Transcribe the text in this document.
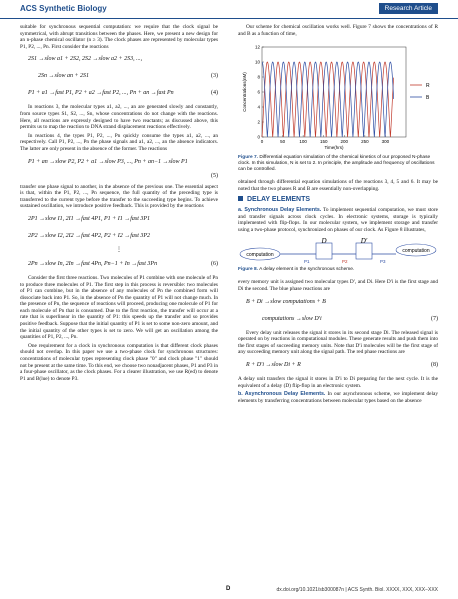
ACS Synthetic Biology	Research Article

suitable for synchronous sequential computation: we require that the clock signal be symmetrical, with abrupt transitions between the phases. Here, we present a new design for an n-phase chemical oscillator (n ≥ 3). The clock phases are represented by molecular types P1, P2, ..., Pn. First consider the reactions

2S1 →slow a1 + 2S2, 2S2 →slow a2 + 2S3, ...,
2Sn →slow an + 2S1	(3)
P1 + a1 →fast P1, P2 + a2 →fast P2, ..., Pn + an →fast Pn	(4)

In reactions 3, the molecular types a1, a2, ..., an are generated slowly and constantly, from source types S1, S2, ..., Sn, whose concentrations do not change with the reactions. Here, all reactions are expressly designed to have two reactants; as discussed above, this permits us to map the reaction to DNA strand displacement reactions effectively.

In reactions 4, the types P1, P2, ..., Pn quickly consume the types a1, a2, ..., an respectively. Call P1, P2, ..., Pn the phase signals and a1, a2, ..., an the absence indicators. The latter are only present in the absence of the former. The reactions

P1 + an →slow P2, P2 + a1 →slow P3, ..., Pn + an−1 →slow P1
(5)

transfer one phase signal to another, in the absence of the previous one. The essential aspect is that, within the P1, P2, ..., Pn sequence, the full quantity of the preceding type is transferred to the current type before the transfer to the succeeding type begins. To achieve sustained oscillation, we introduce positive feedback. This is provided by the reactions

2P1 →slow I1, 2I1 →fast 4P1, P1 + I1 →fast 3P1
2P2 →slow I2, 2I2 →fast 4P2, P2 + I2 →fast 3P2
⋮
2Pn →slow In, 2In →fast 4Pn, Pn−1 + In →fast 3Pn	(6)

Consider the first three reactions. Two molecules of P1 combine with one molecule of Pn to produce three molecules of P1. The first step in this process is reversible: two molecules of P1 can combine, but in the absence of any molecules of Pn the combined form will dissociate back into P1. So, in the absence of Pn the quantity of P1 will not change much. In the presence of Pn, the sequence of reactions will proceed, producing one molecule of P1 for each molecule of Pn that is consumed. Due to the first reaction, the transfer will occur at a rate that is superlinear in the quantity of P1: this speeds up the transfer and so provides positive feedback. Suppose that the initial quantity of P1 is set to some non-zero amount, and the initial quantity of the other types is set to zero. We will get an oscillation among the quantities of P1, P2, ..., Pn.

One requirement for a clock in synchronous computation is that different clock phases should not overlap. In this paper we use a two-phase clock for synchronous structures: concentrations of molecular types representing clock phase "0" and clock phase "1" should not be present at the same time. To this end, we choose two nonadjacent phases, P1 and P3 in a four-phase oscillator, as the clock phases. For a clearer illustration, we use R(ed) to denote P1 and B(lue) to denote P3.

Our scheme for chemical oscillation works well. Figure 7 shows the concentrations of R and B as a function of time,

0	50	100	150	200	250	300
0
2
4
6
8
10
12
Time(hrs)
Concentrations(nM)	R
B
Figure 7. Differential equation simulation of the chemical kinetics of our proposed N-phase clock. In this simulation, N is set to 2. In principle, the amplitude and frequency of oscillations can be controlled.

obtained through differential equation simulations of the reactions 3, 4, 5 and 6. It may be noted that the two phases R and B are essentially non-overlapping.

DELAY ELEMENTS

a. Synchronous Delay Elements. To implement sequential computation, we must store and transfer signals across clock cycles. In electronic systems, storage is typically implemented with flip-flops. In our molecular system, we implement storage and transfer using a two-phase protocol, synchronized on phases of our clock. As Figure 8 illustrates,

computation
D	D′
P1	P2	P3
computation
Figure 8. A delay element in the synchronous scheme.

every memory unit is assigned two molecular types D′, and Di. Here D′i is the first stage and Di the second. The blue phase reactions are

B + Di →slow computations + B
computations →slow D′i	(7)

Every delay unit releases the signal it stores in its second stage Di. The released signal is operated on by reactions in computational modules. These generate results and push them into the first stages of succeeding memory units. Note that D′i molecules will be the first stage of any succeeding memory unit along the signal path. The red phase reactions are

R + D′i →slow Di + R	(8)

A delay unit transfers the signal it stores in D′i to Di preparing for the next cycle. It is the equivalent of a delay (D) flip-flop in an electronic system.

b. Asynchronous Delay Elements. In our asynchronous scheme, we implement delay elements by transferring concentrations between molecular types based on the absence

D	dx.doi.org/10.1021/sb300087n | ACS Synth. Biol. XXXX, XXX, XXX−XXX
